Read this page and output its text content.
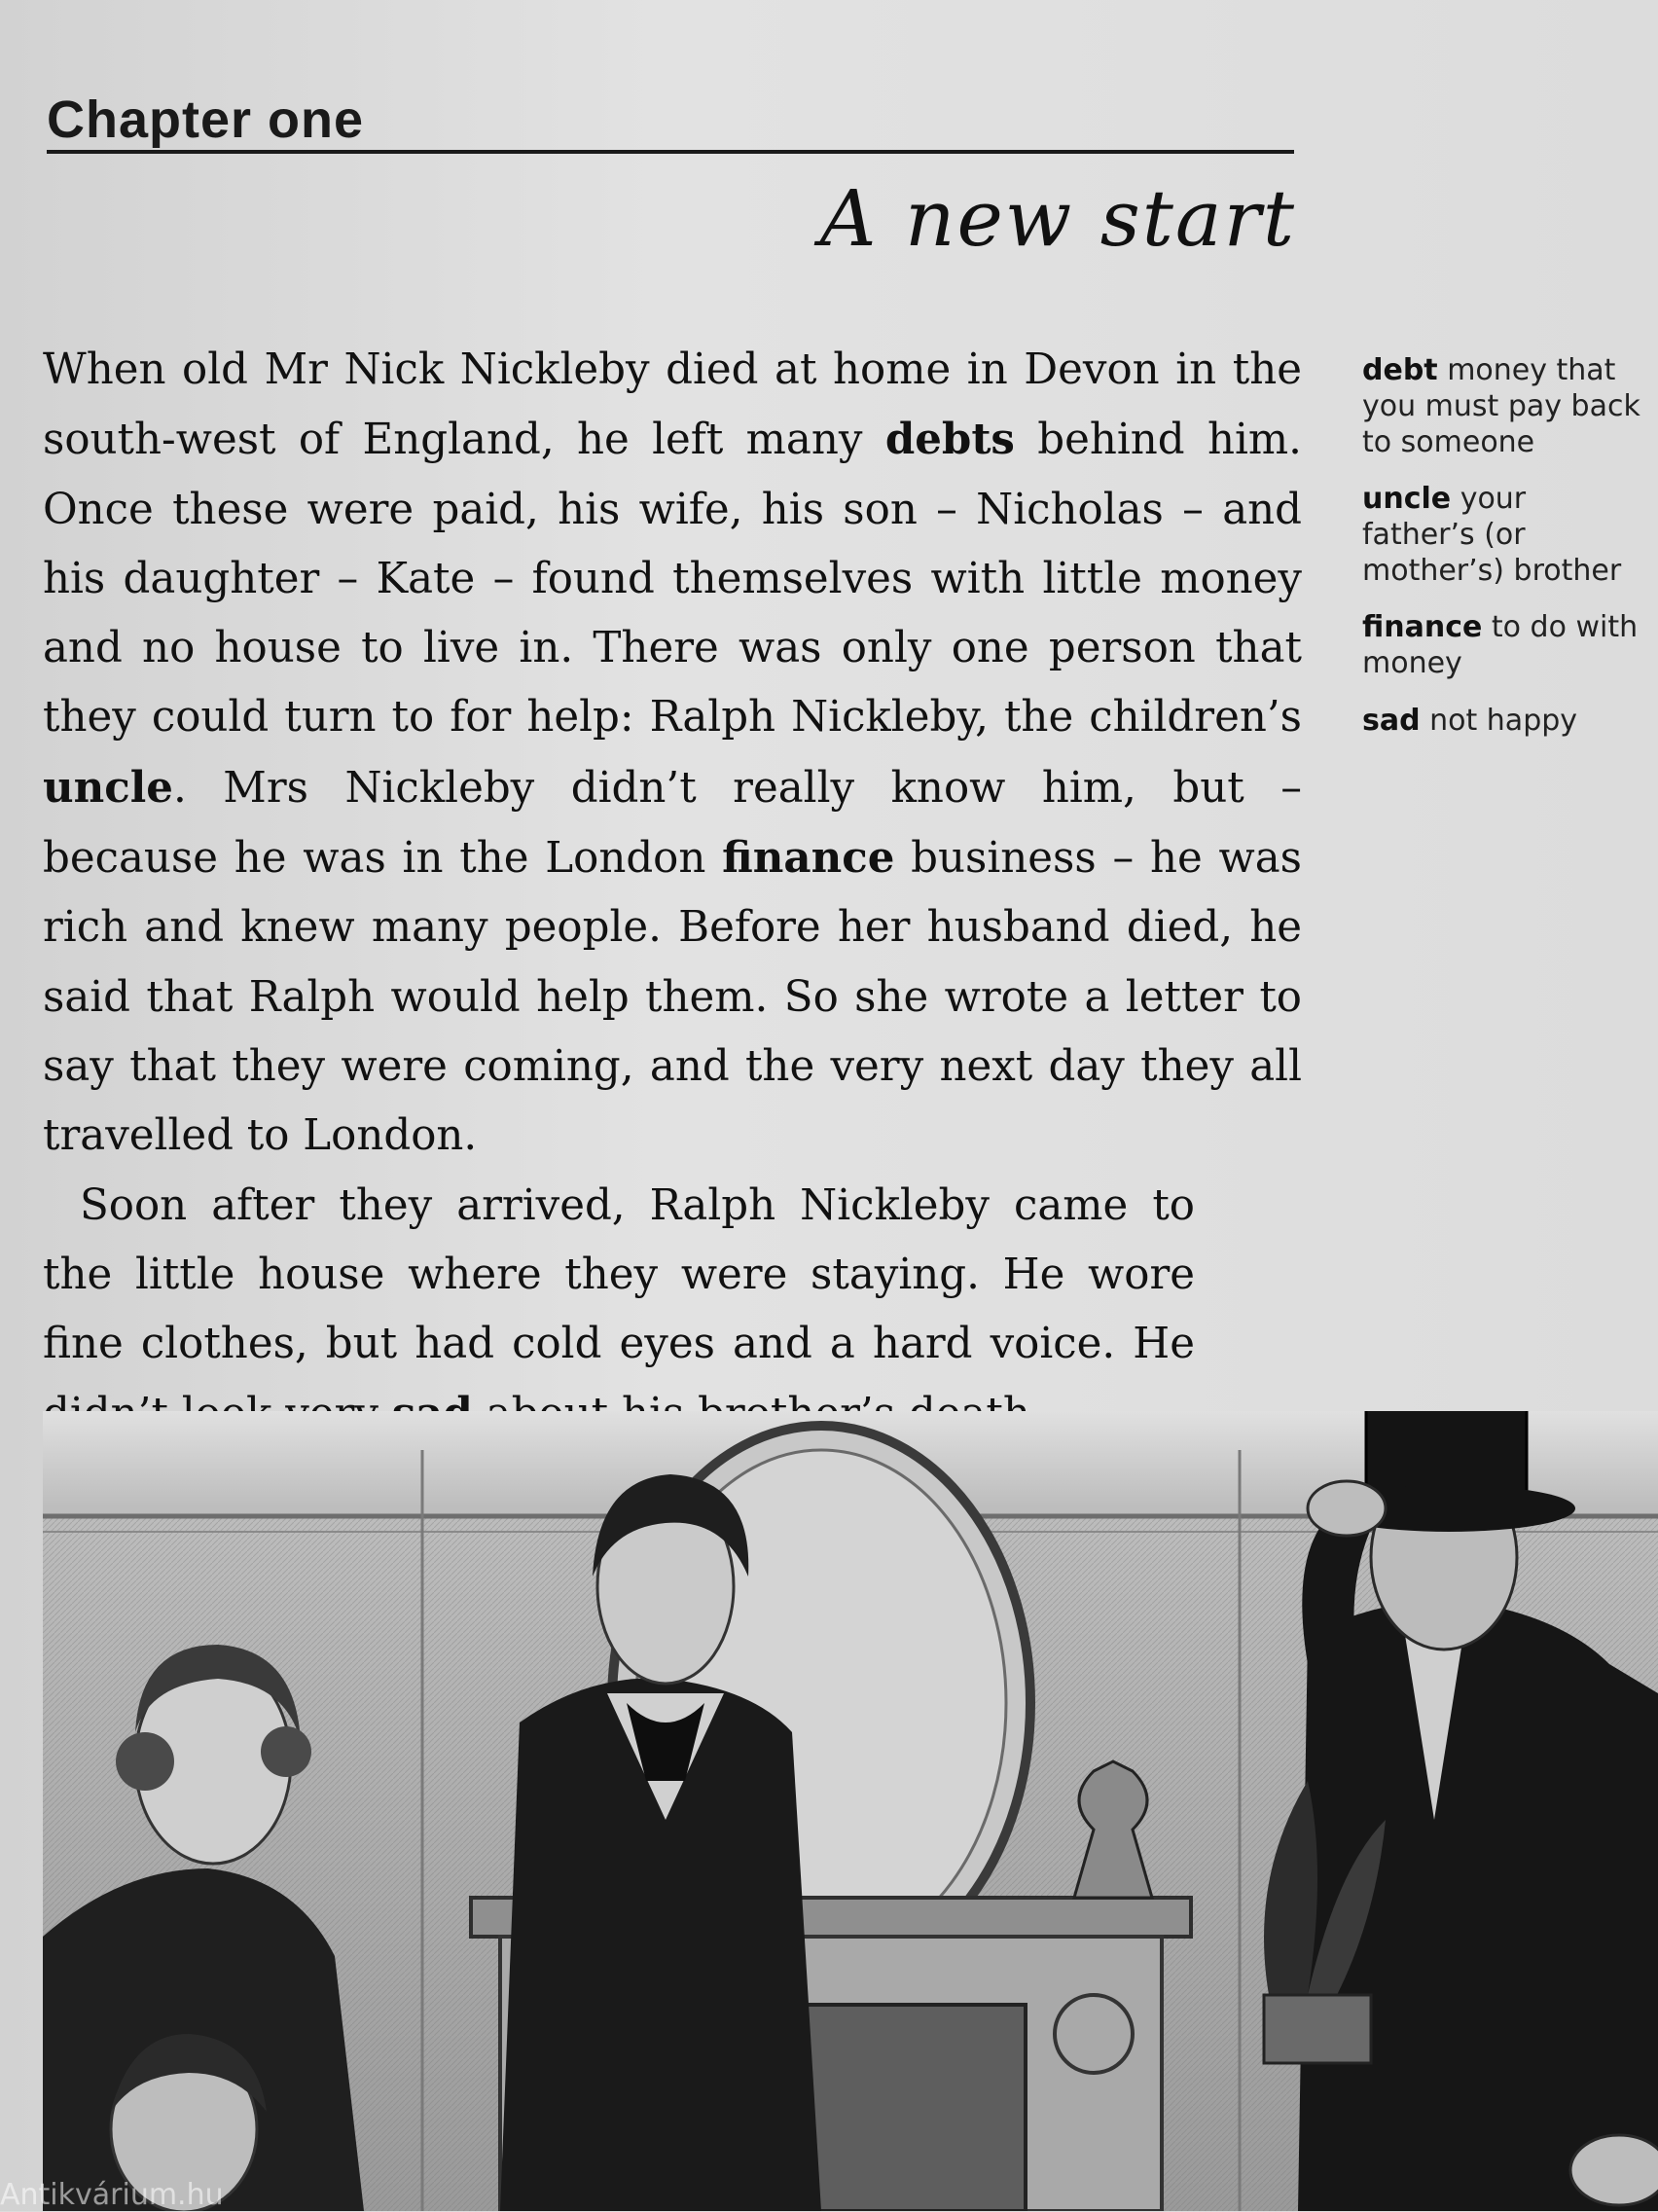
Chapter one
A new start

When old Mr Nick Nickleby died at home in Devon in the south-west of England, he left many debts behind him. Once these were paid, his wife, his son – Nicholas – and his daughter – Kate – found themselves with little money and no house to live in. There was only one person that they could turn to for help: Ralph Nickleby, the children’s uncle. Mrs Nickleby didn’t really know him, but – because he was in the London finance business – he was rich and knew many people. Before her husband died, he said that Ralph would help them. So she wrote a letter to say that they were coming, and the very next day they all travelled to London.

Soon after they arrived, Ralph Nickleby came to the little house where they were staying. He wore fine clothes, but had cold eyes and a hard voice. He

debt money that you must pay back to someone
uncle your father’s (or mother’s) brother
finance to do with money
sad not happy
Antikvárium.hu
